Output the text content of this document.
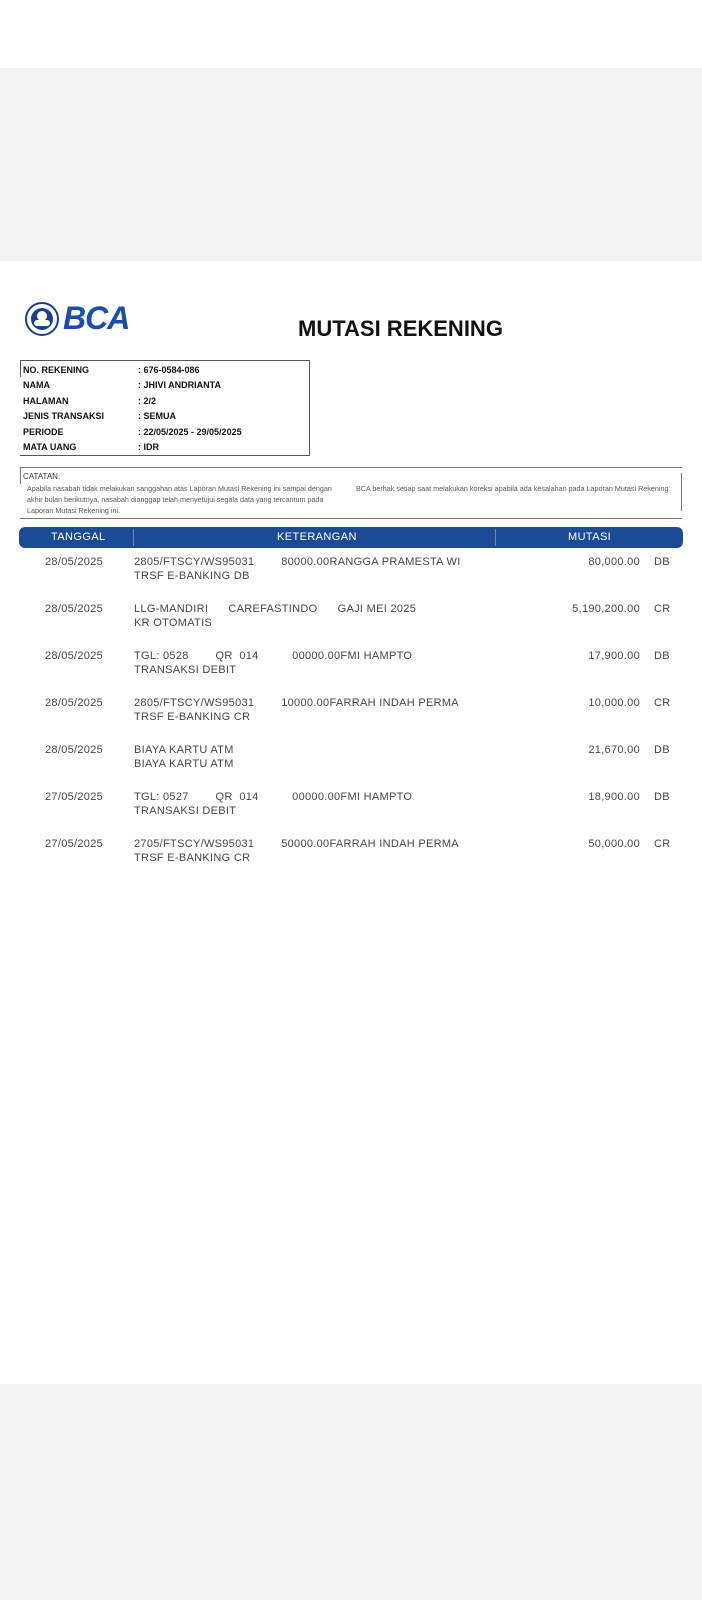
BCA	MUTASI REKENING
NO. REKENING	: 676-0584-086
NAMA	: JHIVI ANDRIANTA
HALAMAN	: 2/2
JENIS TRANSAKSI	: SEMUA
PERIODE	: 22/05/2025 - 29/05/2025
MATA UANG	: IDR
CATATAN:
Apabila nasabah tidak melakukan sanggahan atas Laporan Mutasi Rekening ini sampai dengan akhir bulan berikutnya, nasabah dianggap telah menyetujui segala data yang tercantum pada Laporan Mutasi Rekening ini.
BCA berhak setiap saat melakukan koreksi apabila ada kesalahan pada Laporan Mutasi Rekening
TANGGAL	KETERANGAN	MUTASI
28/05/2025	2805/FTSCY/WS95031        80000.00RANGGA PRAMESTA WI
TRSF E-BANKING DB
80,000.00 DB
28/05/2025	LLG-MANDIRI      CAREFASTINDO      GAJI MEI 2025
KR OTOMATIS
5,190,200.00 CR
28/05/2025	TGL: 0528        QR  014          00000.00FMI HAMPTO
TRANSAKSI DEBIT
17,900.00 DB
28/05/2025	2805/FTSCY/WS95031        10000.00FARRAH INDAH PERMA
TRSF E-BANKING CR
10,000.00 CR
28/05/2025	BIAYA KARTU ATM
BIAYA KARTU ATM
21,670.00 DB
27/05/2025	TGL: 0527        QR  014          00000.00FMI HAMPTO
TRANSAKSI DEBIT
18,900.00 DB
27/05/2025	2705/FTSCY/WS95031        50000.00FARRAH INDAH PERMA
TRSF E-BANKING CR
50,000.00 CR
